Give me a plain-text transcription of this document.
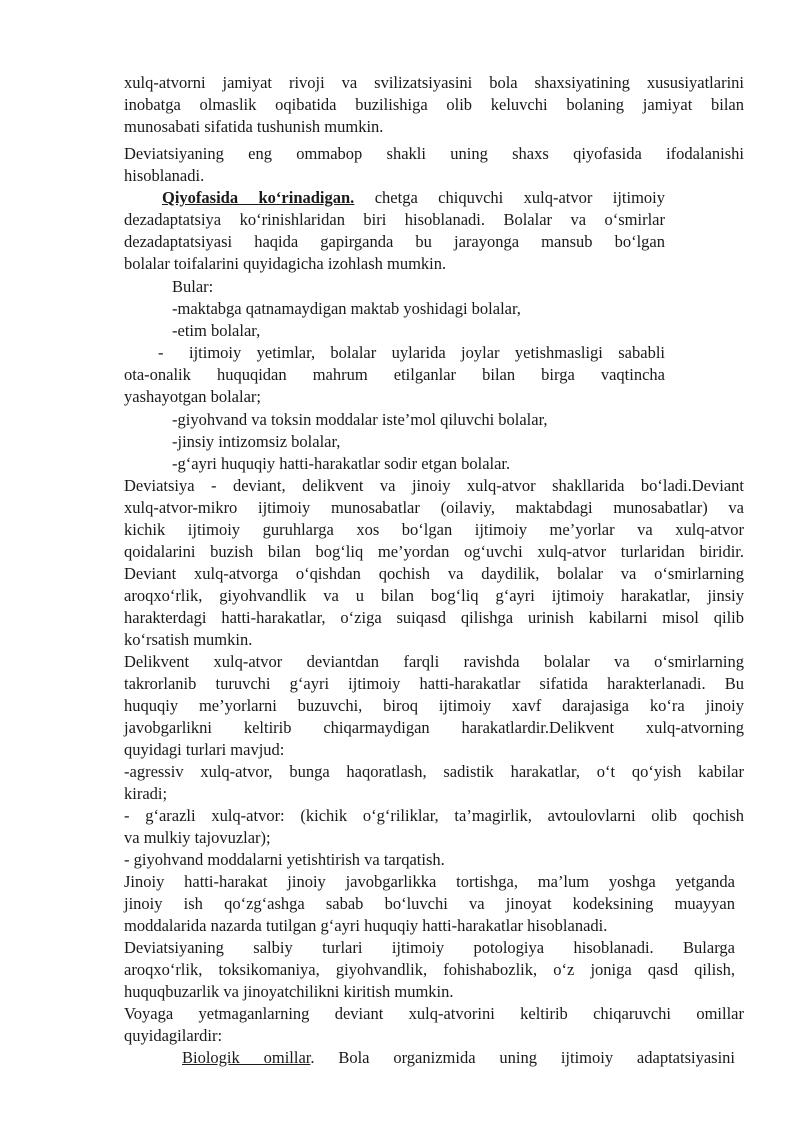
xulq-atvorni jamiyat rivoji va svilizatsiyasini bola shaxsiyatining xususiyatlarini
inobatga olmaslik oqibatida buzilishiga olib keluvchi bolaning jamiyat bilan
munosabati sifatida tushunish mumkin.
Deviatsiyaning eng ommabop shakli uning shaxs qiyofasida ifodalanishi
hisoblanadi.
Qiyofasida ko‘rinadigan. chetga chiquvchi xulq-atvor ijtimoiy
dezadaptatsiya ko‘rinishlaridan biri hisoblanadi. Bolalar va o‘smirlar
dezadaptatsiyasi haqida gapirganda bu jarayonga mansub bo‘lgan
bolalar toifalarini quyidagicha izohlash mumkin.
Bular:
-maktabga qatnamaydigan maktab yoshidagi bolalar,
-etim bolalar,
-	ijtimoiy yetimlar, bolalar uylarida joylar yetishmasligi sababli
ota-onalik huquqidan mahrum etilganlar bilan birga vaqtincha
yashayotgan bolalar;
-giyohvand va toksin moddalar iste’mol qiluvchi bolalar,
-jinsiy intizomsiz bolalar,
-g‘ayri huquqiy hatti-harakatlar sodir etgan bolalar.
Deviatsiya - deviant, delikvent va jinoiy xulq-atvor shakllarida bo‘ladi.Deviant
xulq-atvor-mikro ijtimoiy munosabatlar (oilaviy, maktabdagi munosabatlar) va
kichik ijtimoiy guruhlarga xos bo‘lgan ijtimoiy me’yorlar va xulq-atvor
qoidalarini buzish bilan bog‘liq me’yordan og‘uvchi xulq-atvor turlaridan biridir.
Deviant xulq-atvorga o‘qishdan qochish va daydilik, bolalar va o‘smirlarning
aroqxo‘rlik, giyohvandlik va u bilan bog‘liq g‘ayri ijtimoiy harakatlar, jinsiy
harakterdagi hatti-harakatlar, o‘ziga suiqasd qilishga urinish kabilarni misol qilib
ko‘rsatish mumkin.
Delikvent xulq-atvor deviantdan farqli ravishda bolalar va o‘smirlarning
takrorlanib turuvchi g‘ayri ijtimoiy hatti-harakatlar sifatida harakterlanadi. Bu
huquqiy me’yorlarni buzuvchi, biroq ijtimoiy xavf darajasiga ko‘ra jinoiy
javobgarlikni keltirib chiqarmaydigan harakatlardir.Delikvent xulq-atvorning
quyidagi turlari mavjud:
-agressiv xulq-atvor, bunga haqoratlash, sadistik harakatlar, o‘t qo‘yish kabilar
kiradi;
- g‘arazli xulq-atvor: (kichik o‘g‘riliklar, ta’magirlik, avtoulovlarni olib qochish
va mulkiy tajovuzlar);
- giyohvand moddalarni yetishtirish va tarqatish.
Jinoiy hatti-harakat jinoiy javobgarlikka tortishga, ma’lum yoshga yetganda
jinoiy ish qo‘zg‘ashga sabab bo‘luvchi va jinoyat kodeksining muayyan
moddalarida nazarda tutilgan g‘ayri huquqiy hatti-harakatlar hisoblanadi.
Deviatsiyaning salbiy turlari ijtimoiy potologiya hisoblanadi. Bularga
aroqxo‘rlik, toksikomaniya, giyohvandlik, fohishabozlik, o‘z joniga qasd qilish,
huquqbuzarlik va jinoyatchilikni kiritish mumkin.
Voyaga yetmaganlarning deviant xulq-atvorini keltirib chiqaruvchi omillar
quyidagilardir:
Biologik omillar. Bola organizmida uning ijtimoiy adaptatsiyasini
